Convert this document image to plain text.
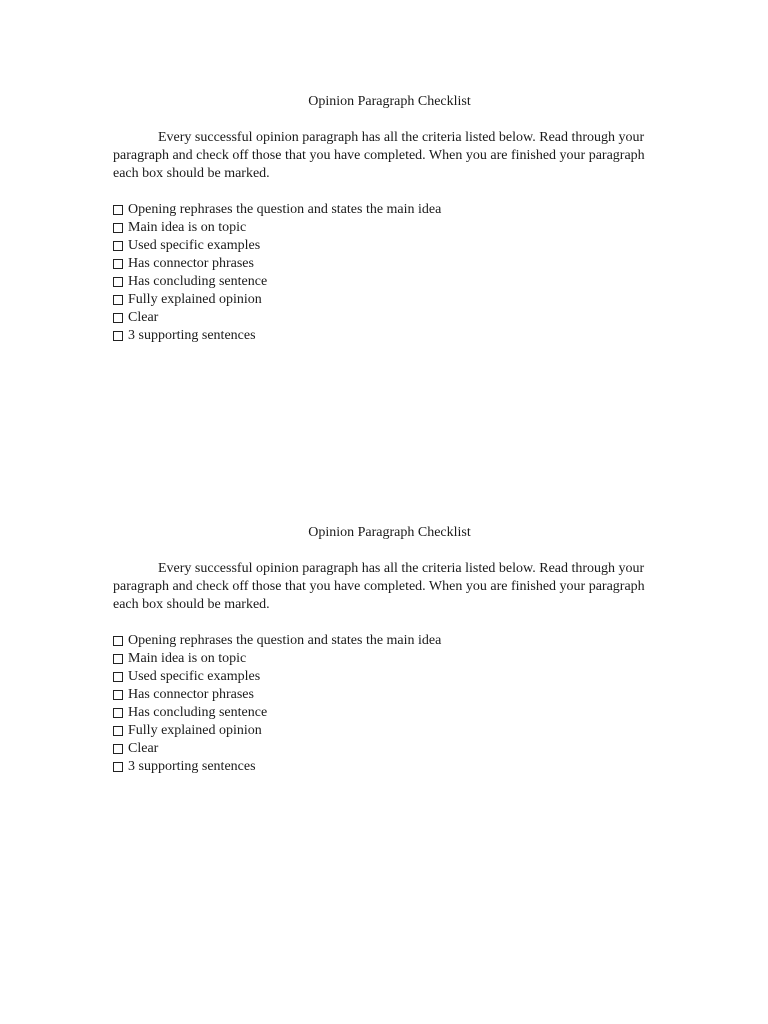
Opinion Paragraph Checklist

Every successful opinion paragraph has all the criteria listed below. Read through your paragraph and check off those that you have completed. When you are finished your paragraph each box should be marked.

Opening rephrases the question and states the main idea
Main idea is on topic
Used specific examples
Has connector phrases
Has concluding sentence
Fully explained opinion
Clear
3 supporting sentences
Opinion Paragraph Checklist

Every successful opinion paragraph has all the criteria listed below. Read through your paragraph and check off those that you have completed. When you are finished your paragraph each box should be marked.

Opening rephrases the question and states the main idea
Main idea is on topic
Used specific examples
Has connector phrases
Has concluding sentence
Fully explained opinion
Clear
3 supporting sentences
